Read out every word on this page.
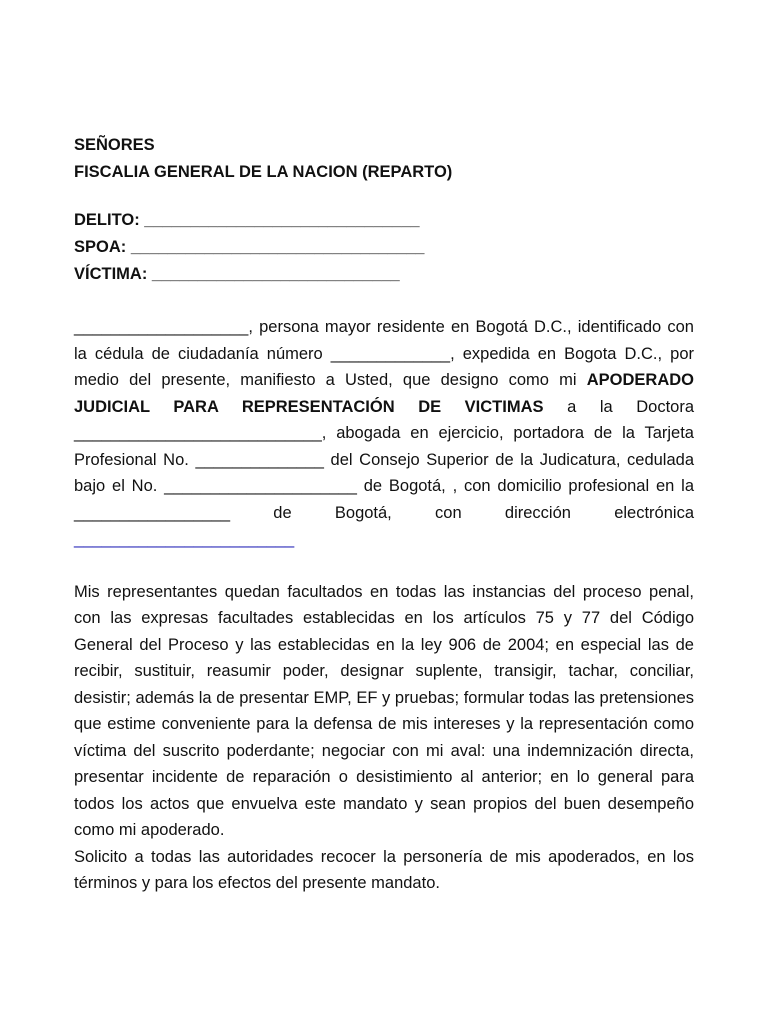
SEÑORES
FISCALIA GENERAL DE LA NACION (REPARTO)
DELITO: ______________________________
SPOA: ________________________________
VÍCTIMA: ___________________________

___________________, persona mayor residente en Bogotá D.C., identificado con la cédula de ciudadanía número _____________, expedida en Bogota D.C., por medio del presente, manifiesto a Usted, que designo como mi APODERADO JUDICIAL PARA REPRESENTACIÓN DE VICTIMAS a la Doctora ___________________________, abogada en ejercicio, portadora de la Tarjeta Profesional No. ______________ del Consejo Superior de la Judicatura, cedulada bajo el No. _____________________ de Bogotá, , con domicilio profesional en la _________________ de Bogotá, con dirección electrónica ________________________

Mis representantes quedan facultados en todas las instancias del proceso penal, con las expresas facultades establecidas en los artículos 75 y 77 del Código General del Proceso y las establecidas en la ley 906 de 2004; en especial las de recibir, sustituir, reasumir poder, designar suplente, transigir, tachar, conciliar, desistir; además la de presentar EMP, EF y pruebas; formular todas las pretensiones que estime conveniente para la defensa de mis intereses y la representación como víctima del suscrito poderdante; negociar con mi aval: una indemnización directa, presentar incidente de reparación o desistimiento al anterior; en lo general para todos los actos que envuelva este mandato y sean propios del buen desempeño como mi apoderado.

Solicito a todas las autoridades recocer la personería de mis apoderados, en los términos y para los efectos del presente mandato.
